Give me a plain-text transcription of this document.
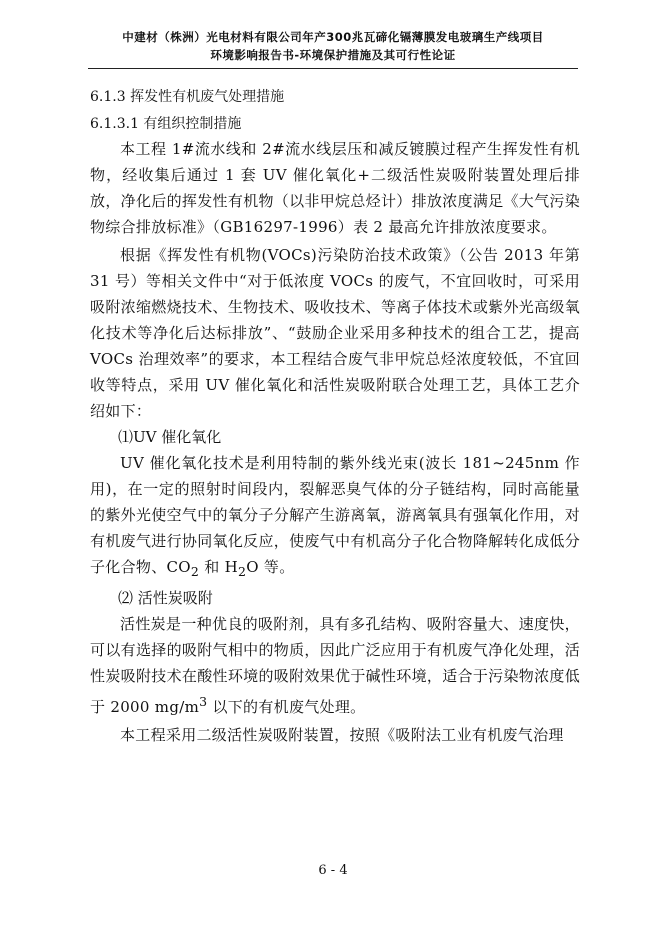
中建材（株洲）光电材料有限公司年产300兆瓦碲化镉薄膜发电玻璃生产线项目
环境影响报告书-环境保护措施及其可行性论证

6.1.3 挥发性有机废气处理措施

6.1.3.1 有组织控制措施

本工程 1#流水线和 2#流水线层压和减反镀膜过程产生挥发性有机物，经收集后通过 1 套 UV 催化氧化+二级活性炭吸附装置处理后排放，净化后的挥发性有机物（以非甲烷总烃计）排放浓度满足《大气污染物综合排放标准》（GB16297-1996）表 2 最高允许排放浓度要求。

根据《挥发性有机物(VOCs)污染防治技术政策》（公告 2013 年第 31 号）等相关文件中“对于低浓度 VOCs 的废气，不宜回收时，可采用吸附浓缩燃烧技术、生物技术、吸收技术、等离子体技术或紫外光高级氧化技术等净化后达标排放”、“鼓励企业采用多种技术的组合工艺，提高 VOCs 治理效率”的要求，本工程结合废气非甲烷总烃浓度较低，不宜回收等特点，采用 UV 催化氧化和活性炭吸附联合处理工艺，具体工艺介绍如下：

⑴UV 催化氧化

UV 催化氧化技术是利用特制的紫外线光束(波长 181~245nm 作用)，在一定的照射时间段内，裂解恶臭气体的分子链结构，同时高能量的紫外光使空气中的氧分子分解产生游离氧，游离氧具有强氧化作用，对有机废气进行协同氧化反应，使废气中有机高分子化合物降解转化成低分子化合物、$CO_2$ 和 $H_2O$ 等。

⑵ 活性炭吸附

活性炭是一种优良的吸附剂，具有多孔结构、吸附容量大、速度快，可以有选择的吸附气相中的物质，因此广泛应用于有机废气净化处理，活性炭吸附技术在酸性环境的吸附效果优于碱性环境，适合于污染物浓度低于 2000 $mg/m^3$ 以下的有机废气处理。

本工程采用二级活性炭吸附装置，按照《吸附法工业有机废气治理

6 - 4
